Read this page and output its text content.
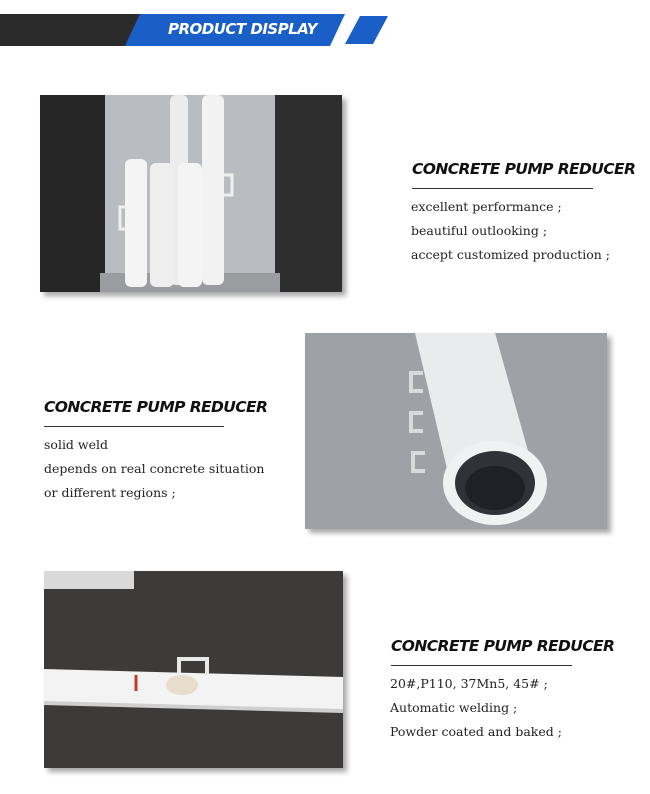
PRODUCT DISPLAY
CONCRETE PUMP REDUCER
excellent performance ;
beautiful outlooking ;
accept customized production ;
CONCRETE PUMP REDUCER
solid weld
depends on real concrete situation
or different regions ;
CONCRETE PUMP REDUCER
20#,P110, 37Mn5, 45# ;
Automatic welding ;
Powder coated and baked ;
